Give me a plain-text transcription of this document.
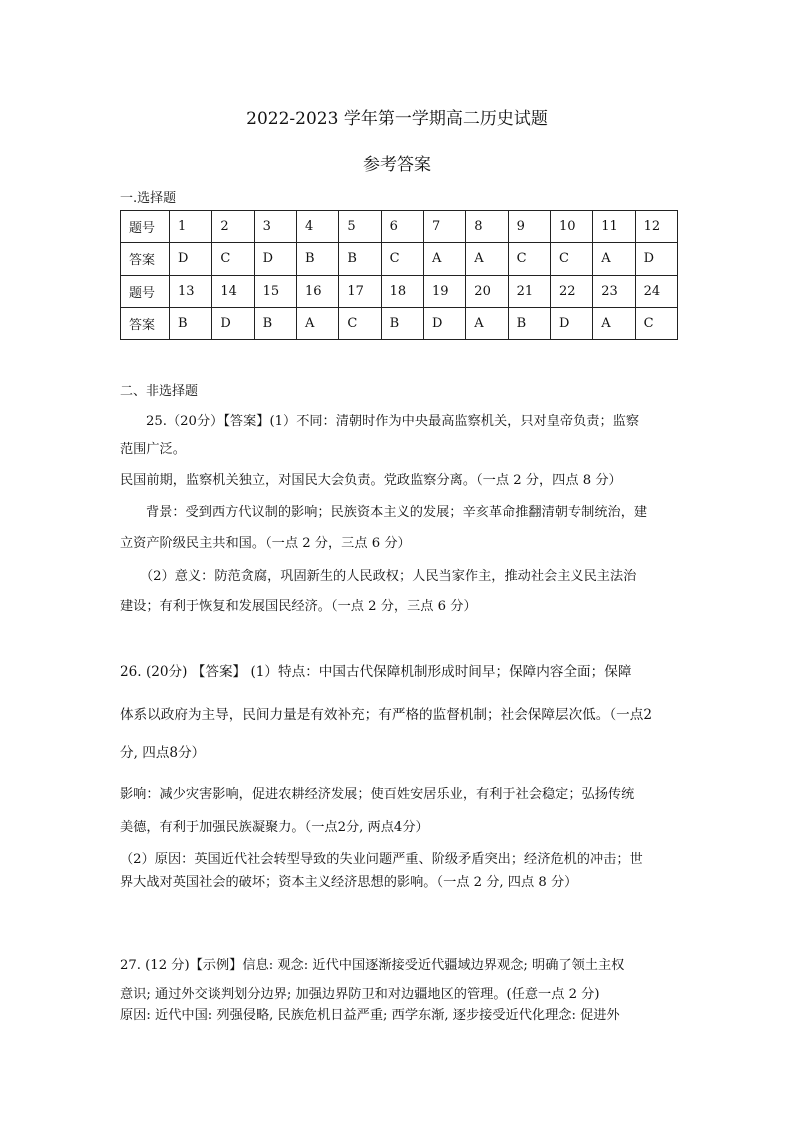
2022-2023 学年第一学期高二历史试题
参考答案
一.选择题
题号	1	2	3	4	5	6	7	8	9	10	11	12
答案	D	C	D	B	B	C	A	A	C	C	A	D
题号	13	14	15	16	17	18	19	20	21	22	23	24
答案	B	D	B	A	C	B	D	A	B	D	A	C
二、非选择题
25.（20分）【答案】(1）不同：清朝时作为中央最高监察机关，只对皇帝负责；监察
范围广泛。
民国前期，监察机关独立，对国民大会负责。党政监察分离。（一点 2 分，四点 8 分）
背景：受到西方代议制的影响；民族资本主义的发展；辛亥革命推翻清朝专制统治，建
立资产阶级民主共和国。（一点 2 分，三点 6 分）
（2）意义：防范贪腐，巩固新生的人民政权；人民当家作主，推动社会主义民主法治
建设；有利于恢复和发展国民经济。（一点 2 分，三点 6 分）
26. (20分) 【答案】 (1）特点：中国古代保障机制形成时间早；保障内容全面；保障
体系以政府为主导，民间力量是有效补充；有严格的监督机制；社会保障层次低。（一点2
分, 四点8分）
影响：减少灾害影响，促进农耕经济发展；使百姓安居乐业，有利于社会稳定；弘扬传统
美德，有利于加强民族凝聚力。（一点2分, 两点4分）
（2）原因：英国近代社会转型导致的失业问题严重、阶级矛盾突出；经济危机的冲击；世
界大战对英国社会的破坏；资本主义经济思想的影响。（一点 2 分, 四点 8 分）
27. (12 分)【示例】信息: 观念: 近代中国逐渐接受近代疆域边界观念; 明确了领土主权
意识; 通过外交谈判划分边界; 加强边界防卫和对边疆地区的管理。(任意一点 2 分)
原因: 近代中国: 列强侵略, 民族危机日益严重; 西学东渐, 逐步接受近代化理念: 促进外
